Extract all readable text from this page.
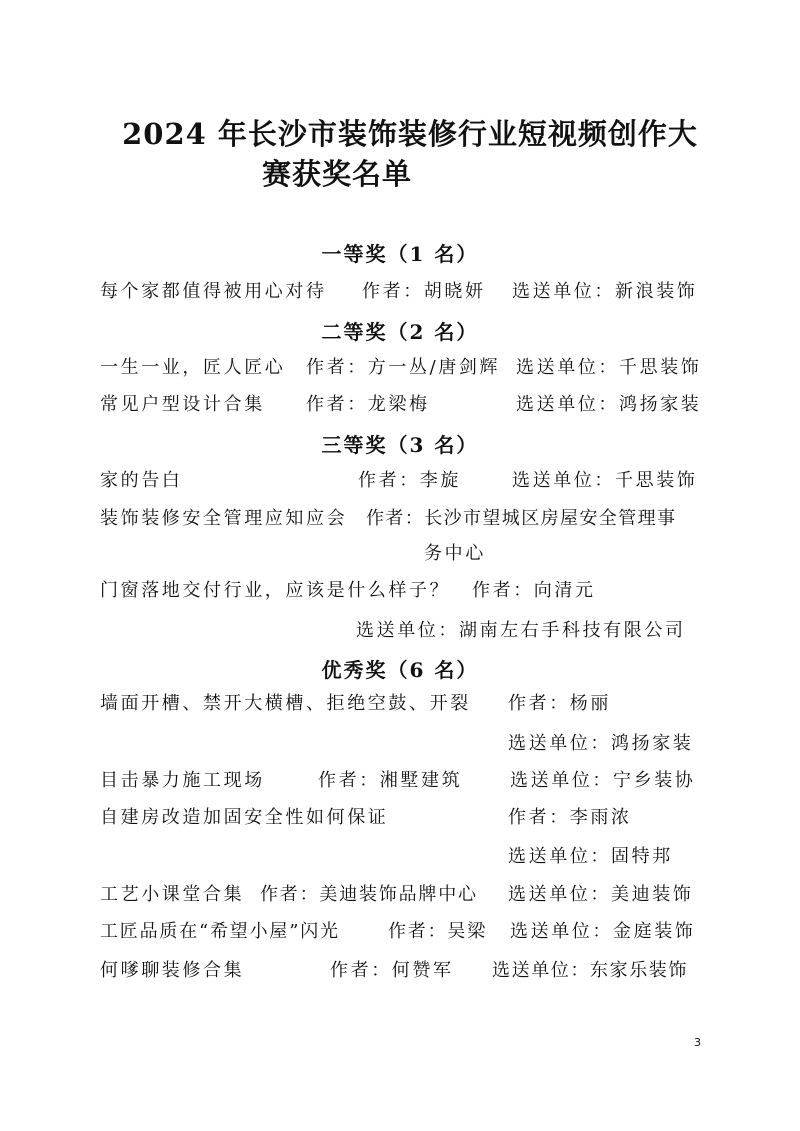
2024 年长沙市装饰装修行业短视频创作大
赛获奖名单
一等奖（1 名）
每个家都值得被用心对待 作者：胡晓妍 选送单位：新浪装饰
二等奖（2 名）
一生一业，匠人匠心 作者：方一丛/唐剑辉 选送单位：千思装饰
常见户型设计合集 作者：龙梁梅	选送单位：鸿扬家装
三等奖（3 名）
家的告白	作者：李旋	选送单位：千思装饰
装饰装修安全管理应知应会 作者：长沙市望城区房屋安全管理事
务中心
门窗落地交付行业，应该是什么样子？ 作者：向清元
选送单位：湖南左右手科技有限公司
优秀奖（6 名）
墙面开槽、禁开大横槽、拒绝空鼓、开裂 作者：杨丽
选送单位：鸿扬家装
目击暴力施工现场	作者：湘墅建筑	选送单位：宁乡装协
自建房改造加固安全性如何保证	作者：李雨浓
选送单位：固特邦
工艺小课堂合集 作者：美迪装饰品牌中心 选送单位：美迪装饰
工匠品质在“希望小屋”闪光	作者：吴梁 选送单位：金庭装饰
何嗲聊装修合集	作者：何赞军 选送单位：东家乐装饰
3
